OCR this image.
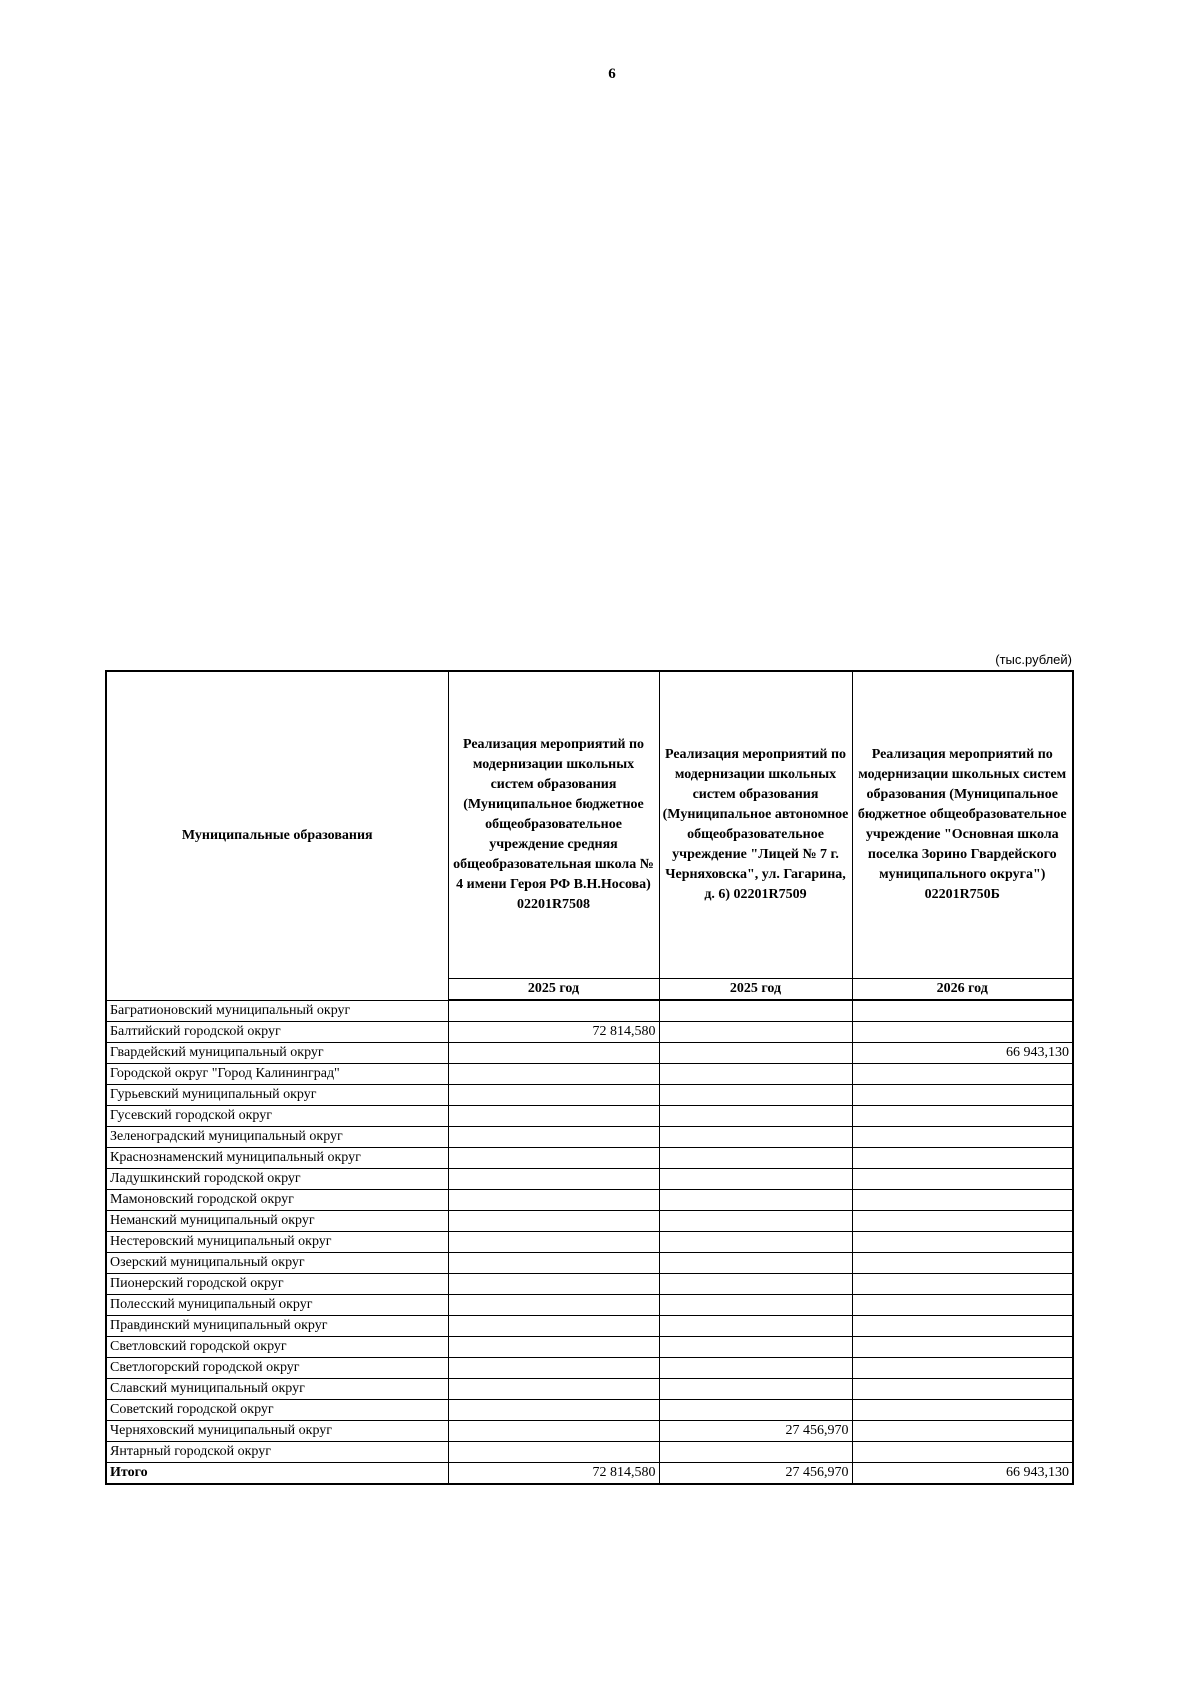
6
(тыс.рублей)
Муниципальные образования	Реализация мероприятий по модернизации школьных систем образования (Муниципальное бюджетное общеобразовательное учреждение средняя общеобразовательная школа № 4 имени Героя РФ В.Н.Носова) 02201R7508	Реализация мероприятий по модернизации школьных систем образования (Муниципальное автономное общеобразовательное учреждение "Лицей № 7 г. Черняховска", ул. Гагарина, д. 6) 02201R7509	Реализация мероприятий по модернизации школьных систем образования (Муниципальное бюджетное общеобразовательное учреждение "Основная школа поселка Зорино Гвардейского муниципального округа") 02201R750Б
	2025 год	2025 год	2026 год
Багратионовский муниципальный округ			
Балтийский городской округ	72 814,580		
Гвардейский муниципальный округ			66 943,130
Городской округ "Город Калининград"			
Гурьевский муниципальный округ			
Гусевский городской округ			
Зеленоградский муниципальный округ			
Краснознаменский муниципальный округ			
Ладушкинский городской округ			
Мамоновский городской округ			
Неманский муниципальный округ			
Нестеровский муниципальный округ			
Озерский муниципальный округ			
Пионерский городской округ			
Полесский муниципальный округ			
Правдинский муниципальный округ			
Светловский городской округ			
Светлогорский городской округ			
Славский муниципальный округ			
Советский городской округ			
Черняховский муниципальный округ		27 456,970	
Янтарный городской округ			
Итого	72 814,580	27 456,970	66 943,130
